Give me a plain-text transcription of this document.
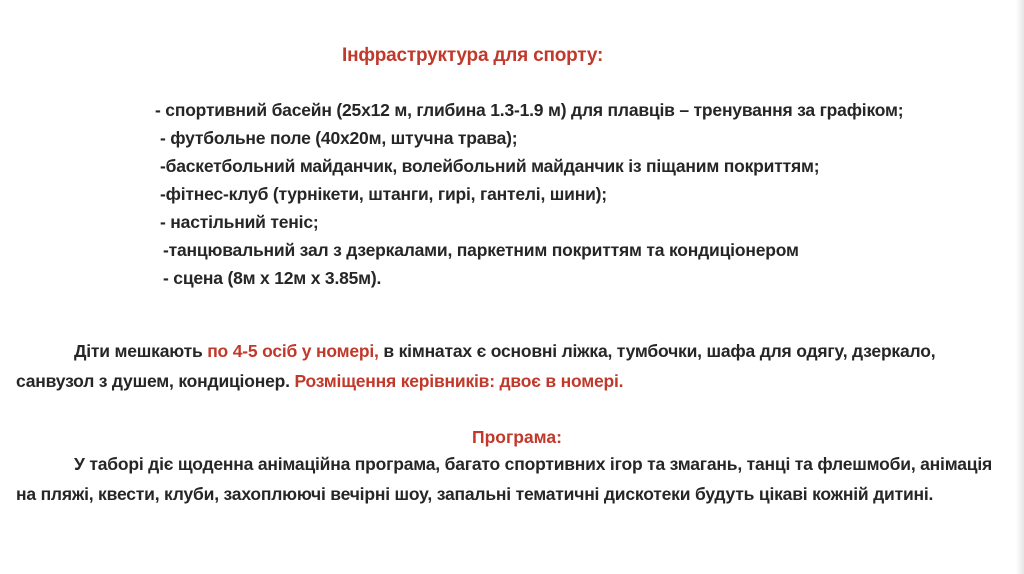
Інфраструктура для спорту:
- спортивний басейн (25х12 м, глибина 1.3-1.9 м) для плавців – тренування за графіком;
- футбольне поле (40х20м, штучна трава);
-баскетбольний майданчик, волейбольний майданчик із піщаним покриттям;
-фітнес-клуб (турнікети, штанги, гирі, гантелі, шини);
- настільний теніс;
-танцювальний зал з дзеркалами, паркетним покриттям та кондиціонером
- сцена (8м х 12м х 3.85м).
Діти мешкають по 4-5 осіб у номері, в кімнатах є основні ліжка, тумбочки, шафа для одягу, дзеркало, санвузол з душем, кондиціонер. Розміщення керівників: двоє в номері.
Програма:
У таборі діє щоденна анімаційна програма, багато спортивних ігор та змагань, танці та флешмоби, анімація на пляжі, квести, клуби, захоплюючі вечірні шоу, запальні тематичні дискотеки будуть цікаві кожній дитині.
